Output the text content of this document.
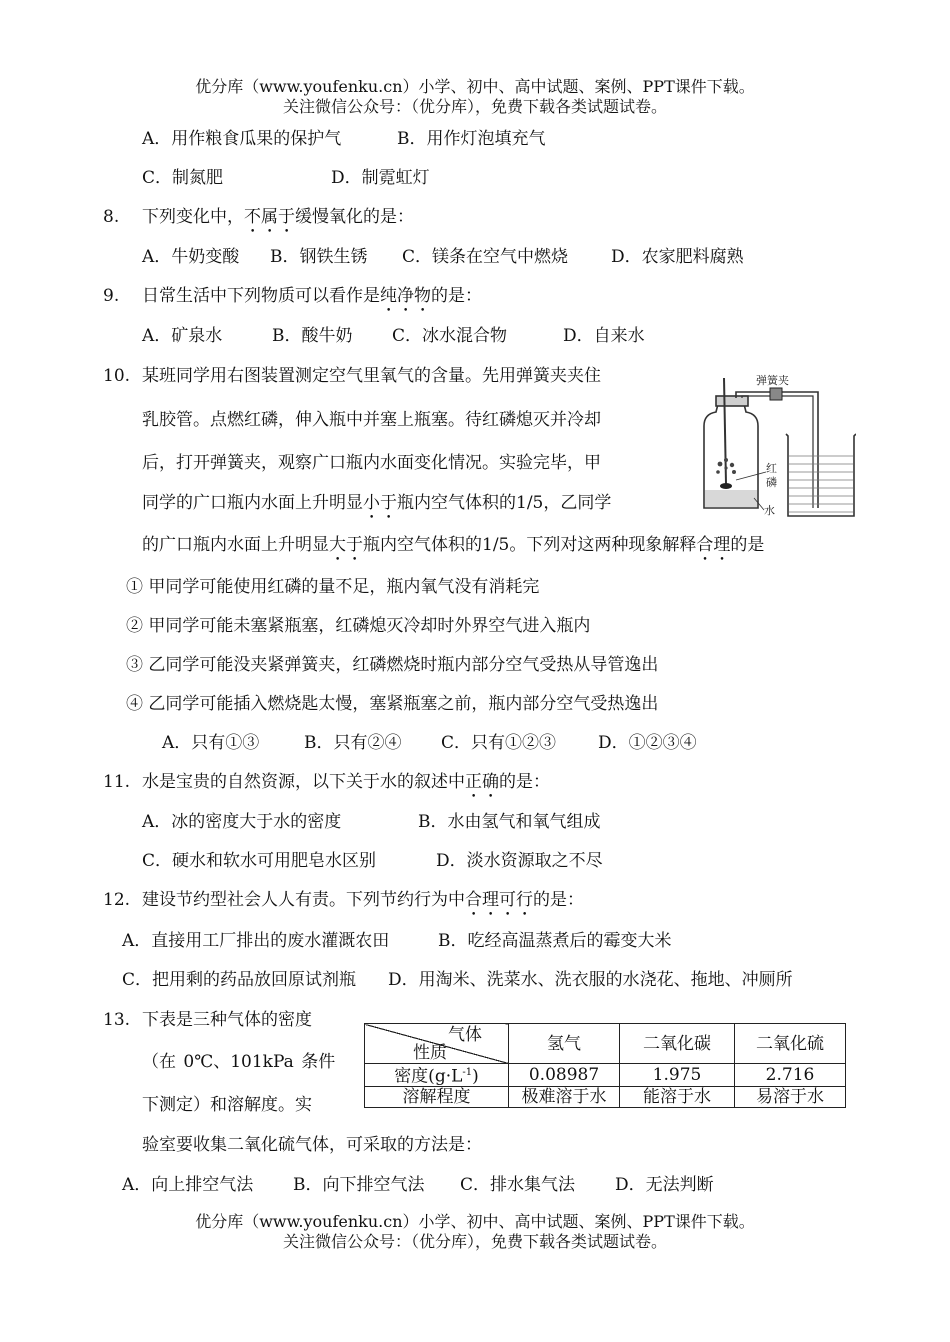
优分库（www.youfenku.cn）小学、初中、高中试题、案例、PPT课件下载。
关注微信公众号：（优分库），免费下载各类试题试卷。
A．用作粮食瓜果的保护气	B．用作灯泡填充气
C．制氮肥	D．制霓虹灯
8. 下列变化中，不属于缓慢氧化的是：
A．牛奶变酸 B．钢铁生锈 C．镁条在空气中燃烧	D．农家肥料腐熟
9. 日常生活中下列物质可以看作是纯净物的是：
A．矿泉水	B．酸牛奶 C．冰水混合物	D．自来水
10. 某班同学用右图装置测定空气里氧气的含量。先用弹簧夹夹住
乳胶管。点燃红磷，伸入瓶中并塞上瓶塞。待红磷熄灭并冷却
后，打开弹簧夹，观察广口瓶内水面变化情况。实验完毕，甲
同学的广口瓶内水面上升明显小于瓶内空气体积的1/5，乙同学
的广口瓶内水面上升明显大于瓶内空气体积的1/5。下列对这两种现象解释合理的是
① 甲同学可能使用红磷的量不足，瓶内氧气没有消耗完
② 甲同学可能未塞紧瓶塞，红磷熄灭冷却时外界空气进入瓶内
③ 乙同学可能没夹紧弹簧夹，红磷燃烧时瓶内部分空气受热从导管逸出
④ 乙同学可能插入燃烧匙太慢，塞紧瓶塞之前，瓶内部分空气受热逸出
A．只有①③	B．只有②④ C．只有①②③ D．①②③④
弹簧夹
红
磷
水
11. 水是宝贵的自然资源，以下关于水的叙述中正确的是：
A．冰的密度大于水的密度	B．水由氢气和氧气组成
C．硬水和软水可用肥皂水区别	D．淡水资源取之不尽
12. 建设节约型社会人人有责。下列节约行为中合理可行的是：
A．直接用工厂排出的废水灌溉农田	B．吃经高温蒸煮后的霉变大米
C．把用剩的药品放回原试剂瓶 D．用淘米、洗菜水、洗衣服的水浇花、拖地、冲厕所
13. 下表是三种气体的密度
（在 0℃、101kPa 条件
下测定）和溶解度。实
验室要收集二氧化硫气体，可采取的方法是：
气体
性质	氢气	二氧化碳	二氧化硫
密度$(g\cdot L^{-1})$	0.08987	1.975	2.716
溶解程度	极难溶于水	能溶于水	易溶于水
A．向上排空气法 B．向下排空气法 C．排水集气法 D．无法判断
优分库（www.youfenku.cn）小学、初中、高中试题、案例、PPT课件下载。
关注微信公众号：（优分库），免费下载各类试题试卷。
